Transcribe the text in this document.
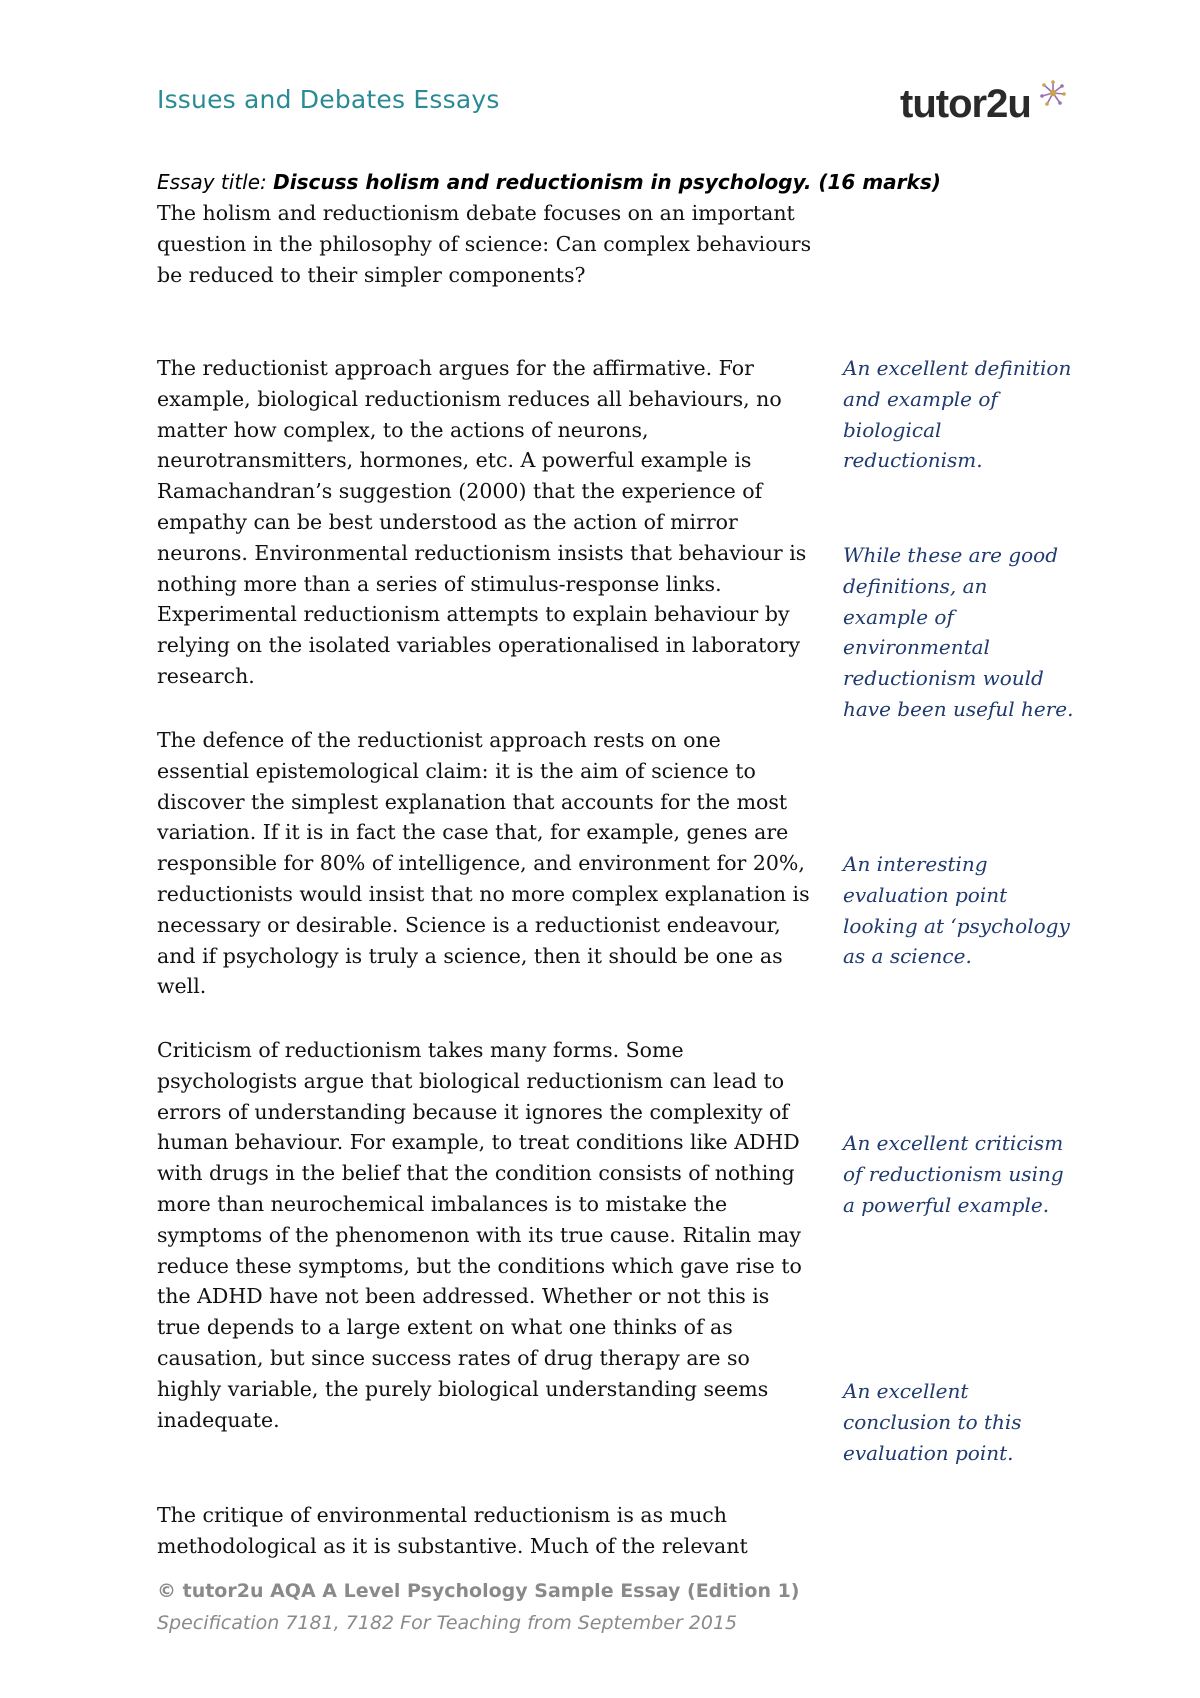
Issues and Debates Essays	tutor2u
Essay title: Discuss holism and reductionism in psychology. (16 marks)

The holism and reductionism debate focuses on an important question in the philosophy of science: Can complex behaviours be reduced to their simpler components?

The reductionist approach argues for the affirmative. For example, biological reductionism reduces all behaviours, no matter how complex, to the actions of neurons, neurotransmitters, hormones, etc. A powerful example is Ramachandran’s suggestion (2000) that the experience of empathy can be best understood as the action of mirror neurons. Environmental reductionism insists that behaviour is nothing more than a series of stimulus-response links. Experimental reductionism attempts to explain behaviour by relying on the isolated variables operationalised in laboratory research.

The defence of the reductionist approach rests on one essential epistemological claim: it is the aim of science to discover the simplest explanation that accounts for the most variation. If it is in fact the case that, for example, genes are responsible for 80% of intelligence, and environment for 20%, reductionists would insist that no more complex explanation is necessary or desirable. Science is a reductionist endeavour, and if psychology is truly a science, then it should be one as well.

Criticism of reductionism takes many forms. Some psychologists argue that biological reductionism can lead to errors of understanding because it ignores the complexity of human behaviour. For example, to treat conditions like ADHD with drugs in the belief that the condition consists of nothing more than neurochemical imbalances is to mistake the symptoms of the phenomenon with its true cause. Ritalin may reduce these symptoms, but the conditions which gave rise to the ADHD have not been addressed. Whether or not this is true depends to a large extent on what one thinks of as causation, but since success rates of drug therapy are so highly variable, the purely biological understanding seems inadequate.

The critique of environmental reductionism is as much methodological as it is substantive. Much of the relevant

An excellent definition and example of biological reductionism.

While these are good definitions, an example of environmental reductionism would have been useful here.

An interesting evaluation point looking at ‘psychology as a science.

An excellent criticism of reductionism using a powerful example.

An excellent conclusion to this evaluation point.

© tutor2u AQA A Level Psychology Sample Essay (Edition 1)
Specification 7181, 7182 For Teaching from September 2015
